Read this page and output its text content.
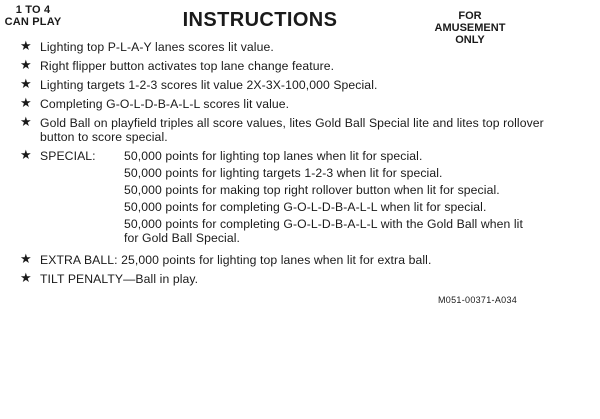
1 TO 4
CAN PLAY	INSTRUCTIONS	FOR
AMUSEMENT
ONLY
★ Lighting top P-L-A-Y lanes scores lit value.
★ Right flipper button activates top lane change feature.
★ Lighting targets 1-2-3 scores lit value 2X-3X-100,000 Special.
★ Completing G-O-L-D-B-A-L-L scores lit value.
★ Gold Ball on playfield triples all score values, lites Gold Ball Special lite and lites top rollover button to score special.
★ SPECIAL:	50,000 points for lighting top lanes when lit for special.
50,000 points for lighting targets 1-2-3 when lit for special.
50,000 points for making top right rollover button when lit for special.
50,000 points for completing G-O-L-D-B-A-L-L when lit for special.
50,000 points for completing G-O-L-D-B-A-L-L with the Gold Ball when lit for Gold Ball Special.
★ EXTRA BALL: 25,000 points for lighting top lanes when lit for extra ball.
★ TILT PENALTY—Ball in play.
M051-00371-A034
